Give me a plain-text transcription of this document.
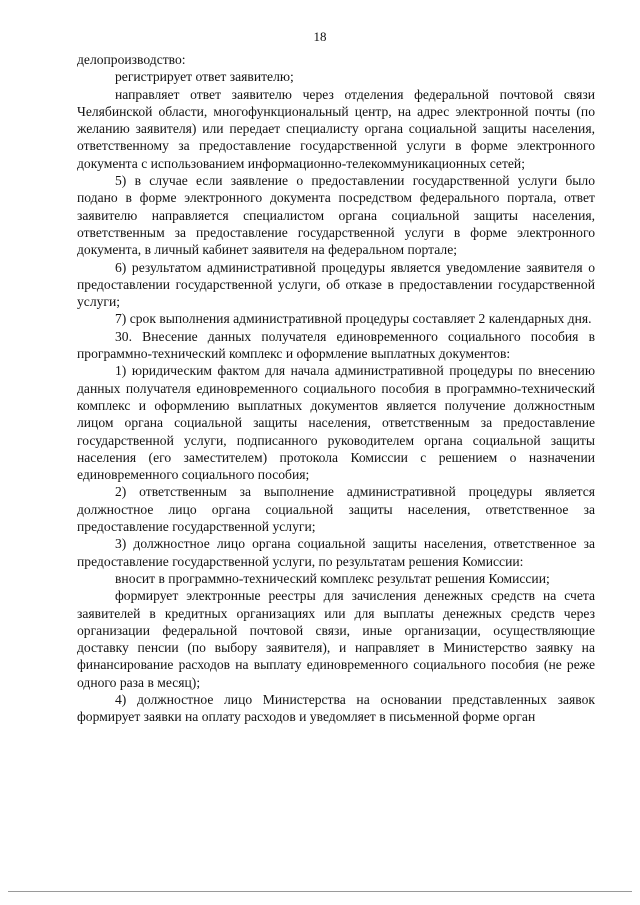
18

делопроизводство:

регистрирует ответ заявителю;

направляет ответ заявителю через отделения федеральной почтовой связи Челябинской области, многофункциональный центр, на адрес электронной почты (по желанию заявителя) или передает специалисту органа социальной защиты населения, ответственному за предоставление государственной услуги в форме электронного документа с использованием информационно-телекоммуникационных сетей;

5) в случае если заявление о предоставлении государственной услуги было подано в форме электронного документа посредством федерального портала, ответ заявителю направляется специалистом органа социальной защиты населения, ответственным за предоставление государственной услуги в форме электронного документа, в личный кабинет заявителя на федеральном портале;

6) результатом административной процедуры является уведомление заявителя о предоставлении государственной услуги, об отказе в предоставлении государственной услуги;

7) срок выполнения административной процедуры составляет 2 календарных дня.

30. Внесение данных получателя единовременного социального пособия в программно-технический комплекс и оформление выплатных документов:

1) юридическим фактом для начала административной процедуры по внесению данных получателя единовременного социального пособия в программно-технический комплекс и оформлению выплатных документов является получение должностным лицом органа социальной защиты населения, ответственным за предоставление государственной услуги, подписанного руководителем органа социальной защиты населения (его заместителем) протокола Комиссии с решением о назначении единовременного социального пособия;

2) ответственным за выполнение административной процедуры является должностное лицо органа социальной защиты населения, ответственное за предоставление государственной услуги;

3) должностное лицо органа социальной защиты населения, ответственное за предоставление государственной услуги, по результатам решения Комиссии:

вносит в программно-технический комплекс результат решения Комиссии;

формирует электронные реестры для зачисления денежных средств на счета заявителей в кредитных организациях или для выплаты денежных средств через организации федеральной почтовой связи, иные организации, осуществляющие доставку пенсии (по выбору заявителя), и направляет в Министерство заявку на финансирование расходов на выплату единовременного социального пособия (не реже одного раза в месяц);

4) должностное лицо Министерства на основании представленных заявок формирует заявки на оплату расходов и уведомляет в письменной форме орган
